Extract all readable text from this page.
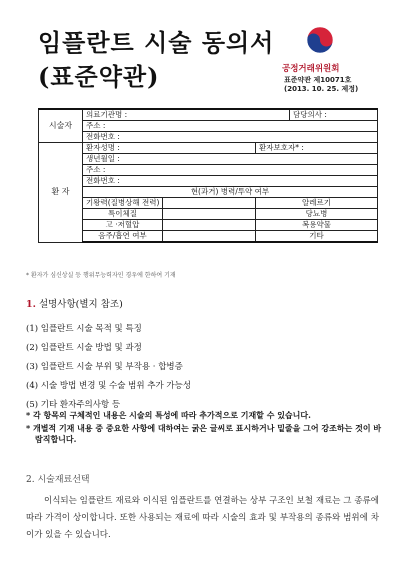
임플란트 시술 동의서
(표준약관)	공정거래위원회
표준약관 제10071호
(2013. 10. 25. 제정)
시술자	의료기관명 :			담당의사 :
	주소 :			
	전화번호 :			
환 자	환자성명 :		환자보호자* :	
	생년월일 :			
	주소 :			
	전화번호 :			
	현(과거) 병력/투약 여부			
	기왕력(질병상해 전력)		알레르기	
	특이체질		당뇨병	
	고 ·저혈압		복용약물	
	음주/흡연 여부		기타	
* 환자가 심신상실 등 행위무능력자인 경우에 한하여 기재
1. 설명사항(별지 참조)
(1) 임플란트 시술 목적 및 특징
(2) 임플란트 시술 방법 및 과정
(3) 임플란트 시술 부위 및 부작용 · 합병증
(4) 시술 방법 변경 및 수술 범위 추가 가능성
(5) 기타 환자주의사항 등

* 각 항목의 구체적인 내용은 시술의 특성에 따라 추가적으로 기재할 수 있습니다.

* 개별적 기재 내용 중 중요한 사항에 대하여는 굵은 글씨로 표시하거나 밑줄을 그어 강조하는 것이 바람직합니다.

2. 시술재료선택

이식되는 임플란트 재료와 이식된 임플란트를 연결하는 상부 구조인 보철 재료는 그 종류에 따라 가격이 상이합니다. 또한 사용되는 재료에 따라 시술의 효과 및 부작용의 종류와 범위에 차이가 있을 수 있습니다.
